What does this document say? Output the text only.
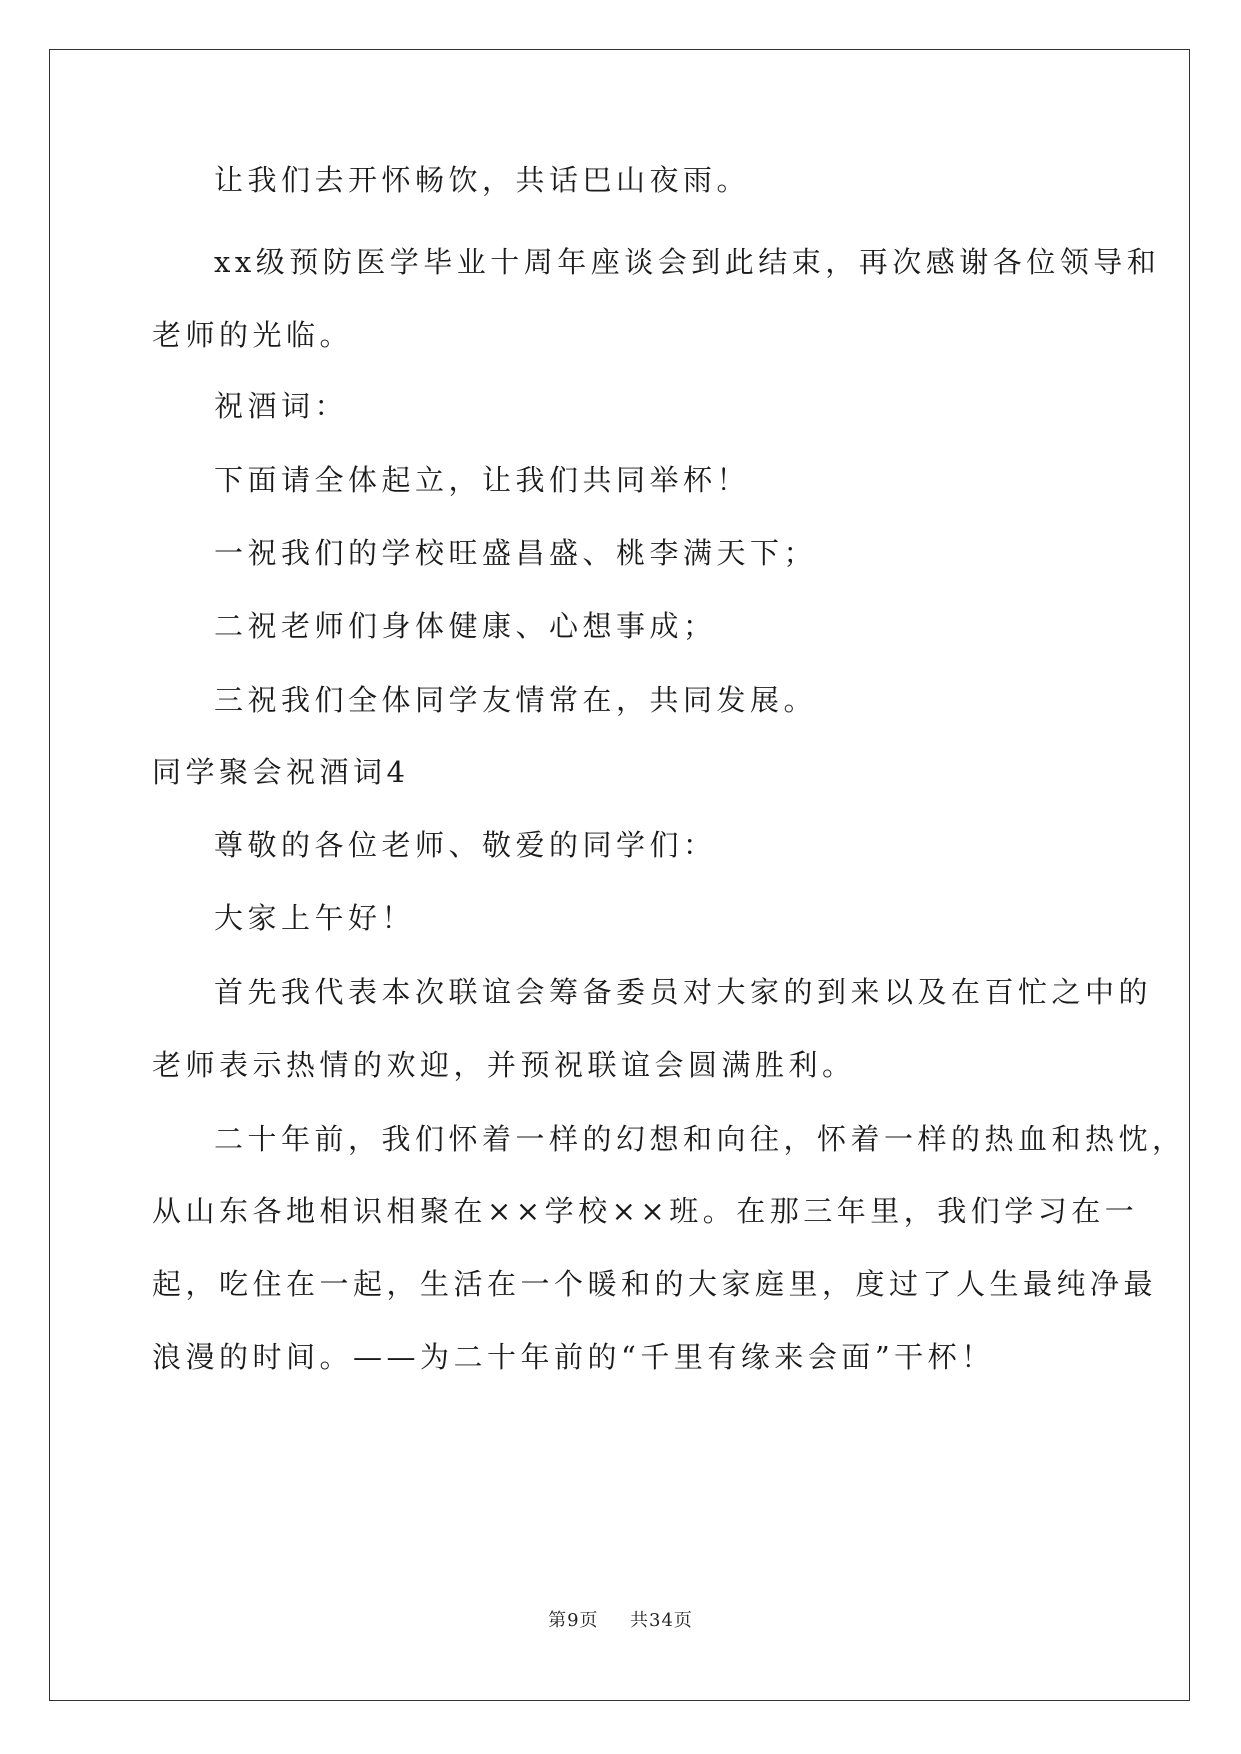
让我们去开怀畅饮，共话巴山夜雨。
xx级预防医学毕业十周年座谈会到此结束，再次感谢各位领导和
老师的光临。
祝酒词：
下面请全体起立，让我们共同举杯！
一祝我们的学校旺盛昌盛、桃李满天下；
二祝老师们身体健康、心想事成；
三祝我们全体同学友情常在，共同发展。
同学聚会祝酒词4
尊敬的各位老师、敬爱的同学们：
大家上午好！
首先我代表本次联谊会筹备委员对大家的到来以及在百忙之中的
老师表示热情的欢迎，并预祝联谊会圆满胜利。
二十年前，我们怀着一样的幻想和向往，怀着一样的热血和热忱，
从山东各地相识相聚在××学校××班。在那三年里，我们学习在一
起，吃住在一起，生活在一个暖和的大家庭里，度过了人生最纯净最
浪漫的时间。——为二十年前的“千里有缘来会面”干杯！
第9页 共34页
